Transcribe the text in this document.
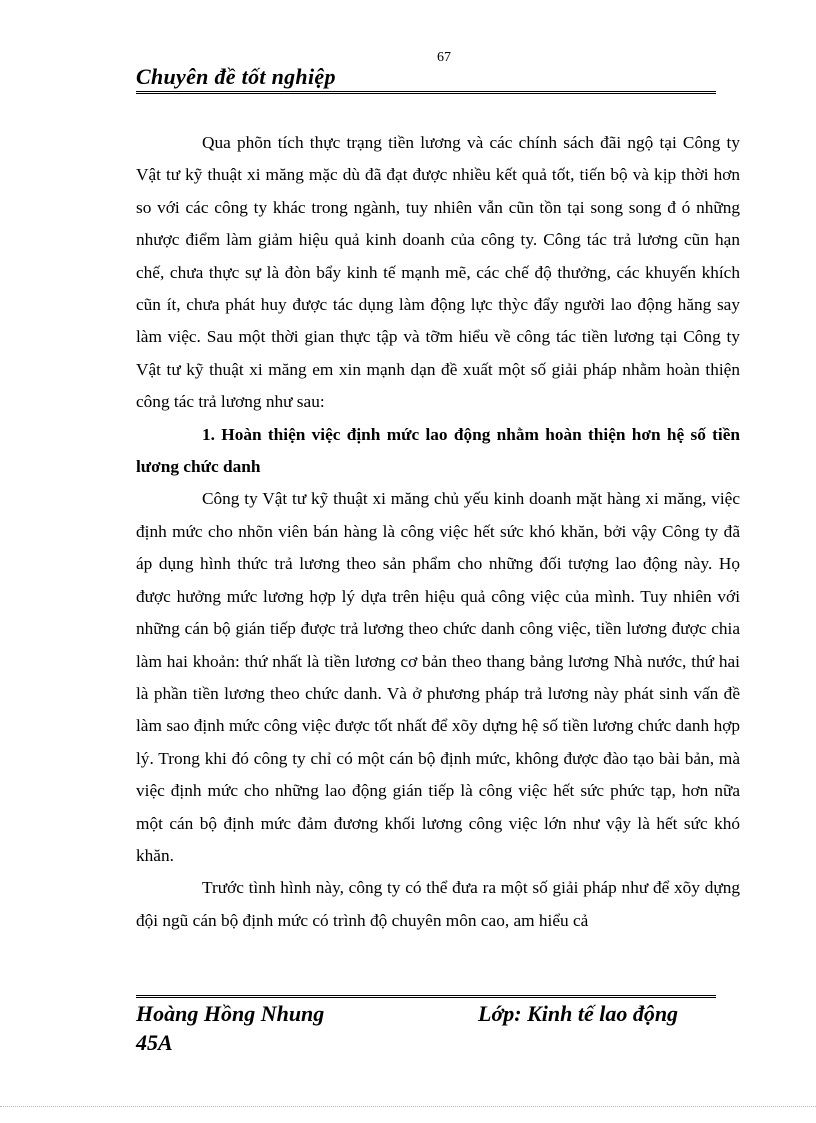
67
Chuyên đề tốt nghiệp

Qua phõn tích thực trạng tiền lương và các chính sách đãi ngộ tại Công ty Vật tư kỹ thuật xi măng mặc dù đã đạt được nhiều kết quả tốt, tiến bộ và kịp thời hơn so với các công ty khác trong ngành, tuy nhiên vẫn cũn tồn tại song song đ ó những nhược điểm làm giảm hiệu quả kinh doanh của công ty. Công tác trả lương cũn hạn chế, chưa thực sự là đòn bẩy kinh tế mạnh mẽ, các chế độ thưởng, các khuyến khích cũn ít, chưa phát huy được tác dụng làm động lực thỳc đẩy người lao động hăng say làm việc. Sau một thời gian thực tập và tỡm hiểu về công tác tiền lương tại Công ty Vật tư kỹ thuật xi măng em xin mạnh dạn đề xuất một số giải pháp nhằm hoàn thiện công tác trả lương như sau:

1. Hoàn thiện việc định mức lao động nhằm hoàn thiện hơn hệ số tiền lương chức danh

Công ty Vật tư kỹ thuật xi măng chủ yếu kinh doanh mặt hàng xi măng, việc định mức cho nhõn viên bán hàng là công việc hết sức khó khăn, bởi vậy Công ty đã áp dụng hình thức trả lương theo sản phẩm cho những đối tượng lao động này. Họ được hưởng mức lương hợp lý dựa trên hiệu quả công việc của mình. Tuy nhiên với những cán bộ gián tiếp được trả lương theo chức danh công việc, tiền lương được chia làm hai khoản: thứ nhất là tiền lương cơ bản theo thang bảng lương Nhà nước, thứ hai là phần tiền lương theo chức danh. Và ở phương pháp trả lương này phát sinh vấn đề làm sao định mức công việc được tốt nhất để xõy dựng hệ số tiền lương chức danh hợp lý. Trong khi đó công ty chỉ có một cán bộ định mức, không được đào tạo bài bản, mà việc định mức cho những lao động gián tiếp là công việc hết sức phức tạp, hơn nữa một cán bộ định mức đảm đương khối lương công việc lớn như vậy là hết sức khó khăn.

Trước tình hình này, công ty có thể đưa ra một số giải pháp như để xõy dựng đội ngũ cán bộ định mức có trình độ chuyên môn cao, am hiểu cả

Hoàng Hồng Nhung	Lớp: Kinh tế lao động
45A
